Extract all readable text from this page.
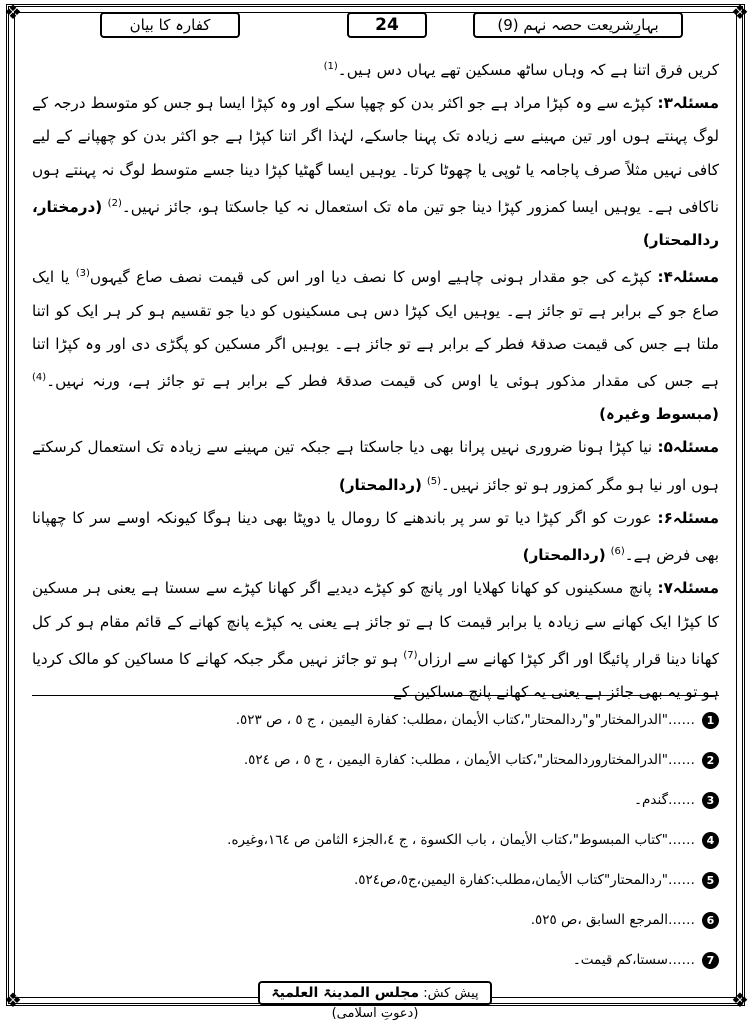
❖	❖
❖	❖
کفارہ کا بیان	24	بہارِشریعت حصہ نہم (9)

کریں فرق اتنا ہے کہ وہاں ساٹھ مسکین تھے یہاں دس ہیں۔$^{(1)}$

مسئلہ۳: کپڑے سے وہ کپڑا مراد ہے جو اکثر بدن کو چھپا سکے اور وہ کپڑا ایسا ہو جس کو متوسط درجہ کے لوگ پہنتے ہوں اور تین مہینے سے زیادہ تک پہنا جاسکے، لہٰذا اگر اتنا کپڑا ہے جو اکثر بدن کو چھپانے کے لیے کافی نہیں مثلاً صرف پاجامہ یا ٹوپی یا چھوٹا کرتا۔ یوہیں ایسا گھٹیا کپڑا دینا جسے متوسط لوگ نہ پہنتے ہوں ناکافی ہے۔ یوہیں ایسا کمزور کپڑا دینا جو تین ماہ تک استعمال نہ کیا جاسکتا ہو، جائز نہیں۔$^{(2)}$ (درمختار، ردالمحتار)

مسئلہ۴: کپڑے کی جو مقدار ہونی چاہیے اوس کا نصف دیا اور اس کی قیمت نصف صاع گیہوں$^{(3)}$ یا ایک صاع جو کے برابر ہے تو جائز ہے۔ یوہیں ایک کپڑا دس ہی مسکینوں کو دیا جو تقسیم ہو کر ہر ایک کو اتنا ملتا ہے جس کی قیمت صدقۂ فطر کے برابر ہے تو جائز ہے۔ یوہیں اگر مسکین کو پگڑی دی اور وہ کپڑا اتنا ہے جس کی مقدار مذکور ہوئی یا اوس کی قیمت صدقۂ فطر کے برابر ہے تو جائز ہے، ورنہ نہیں۔$^{(4)}$ (مبسوط وغیرہ)

مسئلہ۵: نیا کپڑا ہونا ضروری نہیں پرانا بھی دیا جاسکتا ہے جبکہ تین مہینے سے زیادہ تک استعمال کرسکتے ہوں اور نیا ہو مگر کمزور ہو تو جائز نہیں۔$^{(5)}$ (ردالمحتار)

مسئلہ۶: عورت کو اگر کپڑا دیا تو سر پر باندھنے کا رومال یا دوپٹا بھی دینا ہوگا کیونکہ اوسے سر کا چھپانا بھی فرض ہے۔$^{(6)}$ (ردالمحتار)

مسئلہ۷: پانچ مسکینوں کو کھانا کھلایا اور پانچ کو کپڑے دیدیے اگر کھانا کپڑے سے سستا ہے یعنی ہر مسکین کا کپڑا ایک کھانے سے زیادہ یا برابر قیمت کا ہے تو جائز ہے یعنی یہ کپڑے پانچ کھانے کے قائم مقام ہو کر کل کھانا دینا قرار پائیگا اور اگر کپڑا کھانے سے ارزاں$^{(7)}$ ہو تو جائز نہیں مگر جبکہ کھانے کا مساکین کو مالک کردیا ہو تو یہ بھی جائز ہے یعنی یہ کھانے پانچ مساکین کے

1
……"الدرالمختار"و"ردالمحتار"،كتاب الأيمان ،مطلب: كفارة اليمين ، ج ٥ ، ص ٥٢٣.
2
……"الدرالمختاروردالمحتار"،كتاب الأيمان ، مطلب: كفارة اليمين ، ج ٥ ، ص ٥٢٤.
3
……گندم۔
4
……"كتاب المبسوط"،كتاب الأيمان ، باب الكسوة ، ج ٤،الجزء الثامن ص ١٦٤،وغيره.
5
……"ردالمحتار"كتاب الأيمان،مطلب:كفارة اليمين،ج٥،ص٥٢٤.
6
……المرجع السابق ،ص ٥٢٥.
7
……سستا،کم قیمت۔
پیش کش: مجلس المدینۃ العلمیۃ (دعوتِ اسلامی)
